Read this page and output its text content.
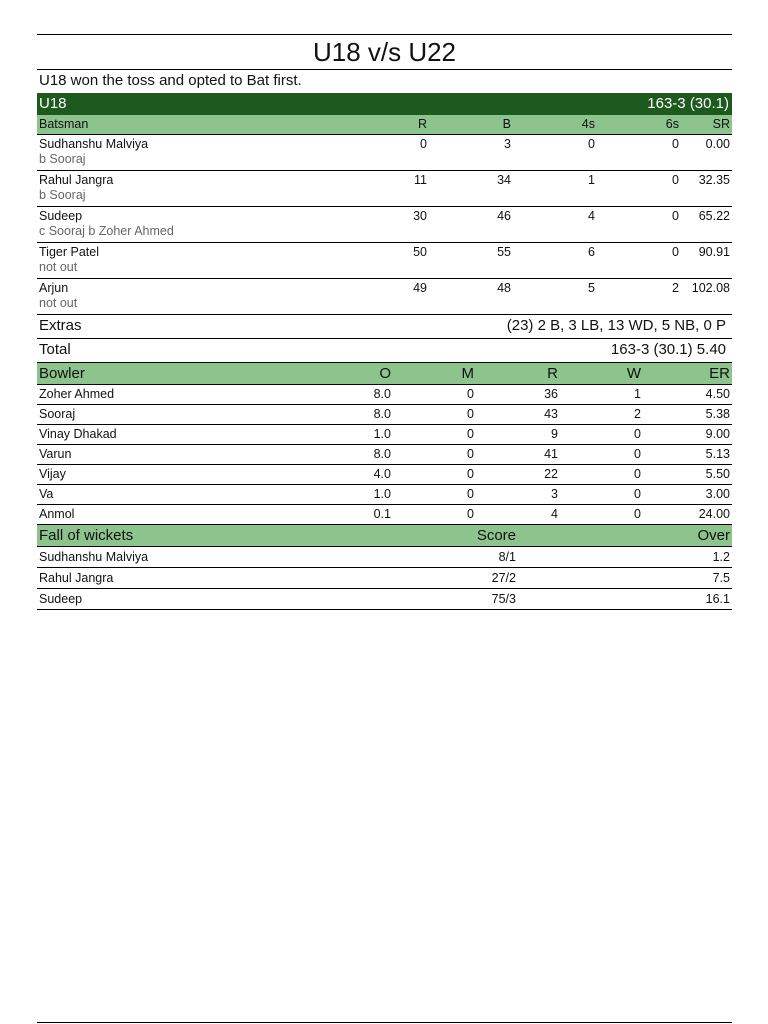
U18 v/s U22
U18 won the toss and opted to Bat first.
U18	163-3 (30.1)
Batsman	R	B	4s	6s	SR
Sudhanshu Malviya
b Sooraj
0	3	0	0	0.00
Rahul Jangra
b Sooraj
11	34	1	0	32.35
Sudeep
c Sooraj b Zoher Ahmed
30	46	4	0	65.22
Tiger Patel
not out
50	55	6	0	90.91
Arjun
not out
49	48	5	2	102.08
Extras	(23) 2 B, 3 LB, 13 WD, 5 NB, 0 P
Total	163-3 (30.1) 5.40
Bowler	O	M	R	W	ER
Zoher Ahmed	8.0	0	36	1	4.50
Sooraj	8.0	0	43	2	5.38
Vinay Dhakad	1.0	0	9	0	9.00
Varun	8.0	0	41	0	5.13
Vijay	4.0	0	22	0	5.50
Va	1.0	0	3	0	3.00
Anmol	0.1	0	4	0	24.00
Fall of wickets	Score	Over
Sudhanshu Malviya	8/1	1.2
Rahul Jangra	27/2	7.5
Sudeep	75/3	16.1
